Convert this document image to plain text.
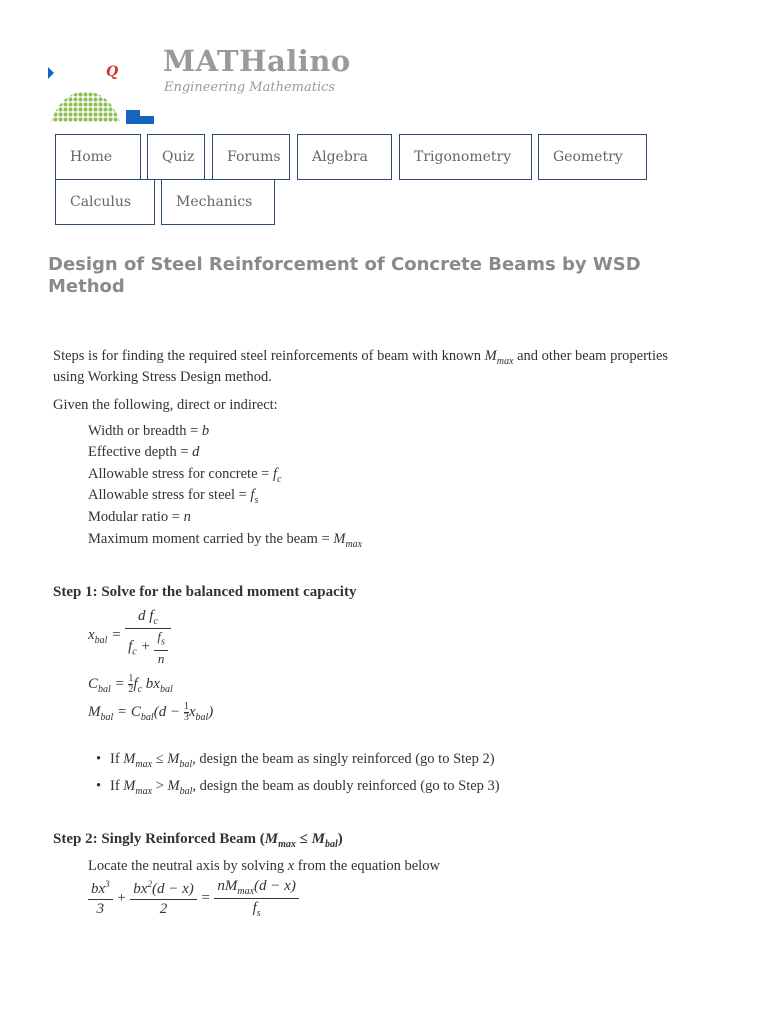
Q MATHalino
Engineering Mathematics
Home	Quiz	Forums	Algebra	Trigonometry	Geometry
Calculus	Mechanics
Design of Steel Reinforcement of Concrete Beams by WSD Method
Steps is for finding the required steel reinforcements of beam with known $M_{max}$ and other beam properties
using Working Stress Design method.
Given the following, direct or indirect:
Width or breadth = b
Effective depth = d
Allowable stress for concrete = $f_c$
Allowable stress for steel = $f_s$
Modular ratio = n
Maximum moment carried by the beam = $M_{max}$
Step 1: Solve for the balanced moment capacity
$x_{bal} = \frac{d f_c}{f_c + \frac{f_s}{n}}$
$C_{bal} = \frac{1}{2}f_c$ $bx_{bal}$
$M_{bal} = C_{bal}(d - \frac{1}{3}x_{bal})$
• If $M_{max} \le M_{bal}$, design the beam as singly reinforced (go to Step 2)
• If $M_{max} > M_{bal}$, design the beam as doubly reinforced (go to Step 3)
Step 2: Singly Reinforced Beam $(M_{max} \le M_{bal})$
Locate the neutral axis by solving x from the equation below
$\frac{bx^3}{3} + \frac{bx^2(d - x)}{2} = \frac{nM_{max}(d - x)}{f_s}$
